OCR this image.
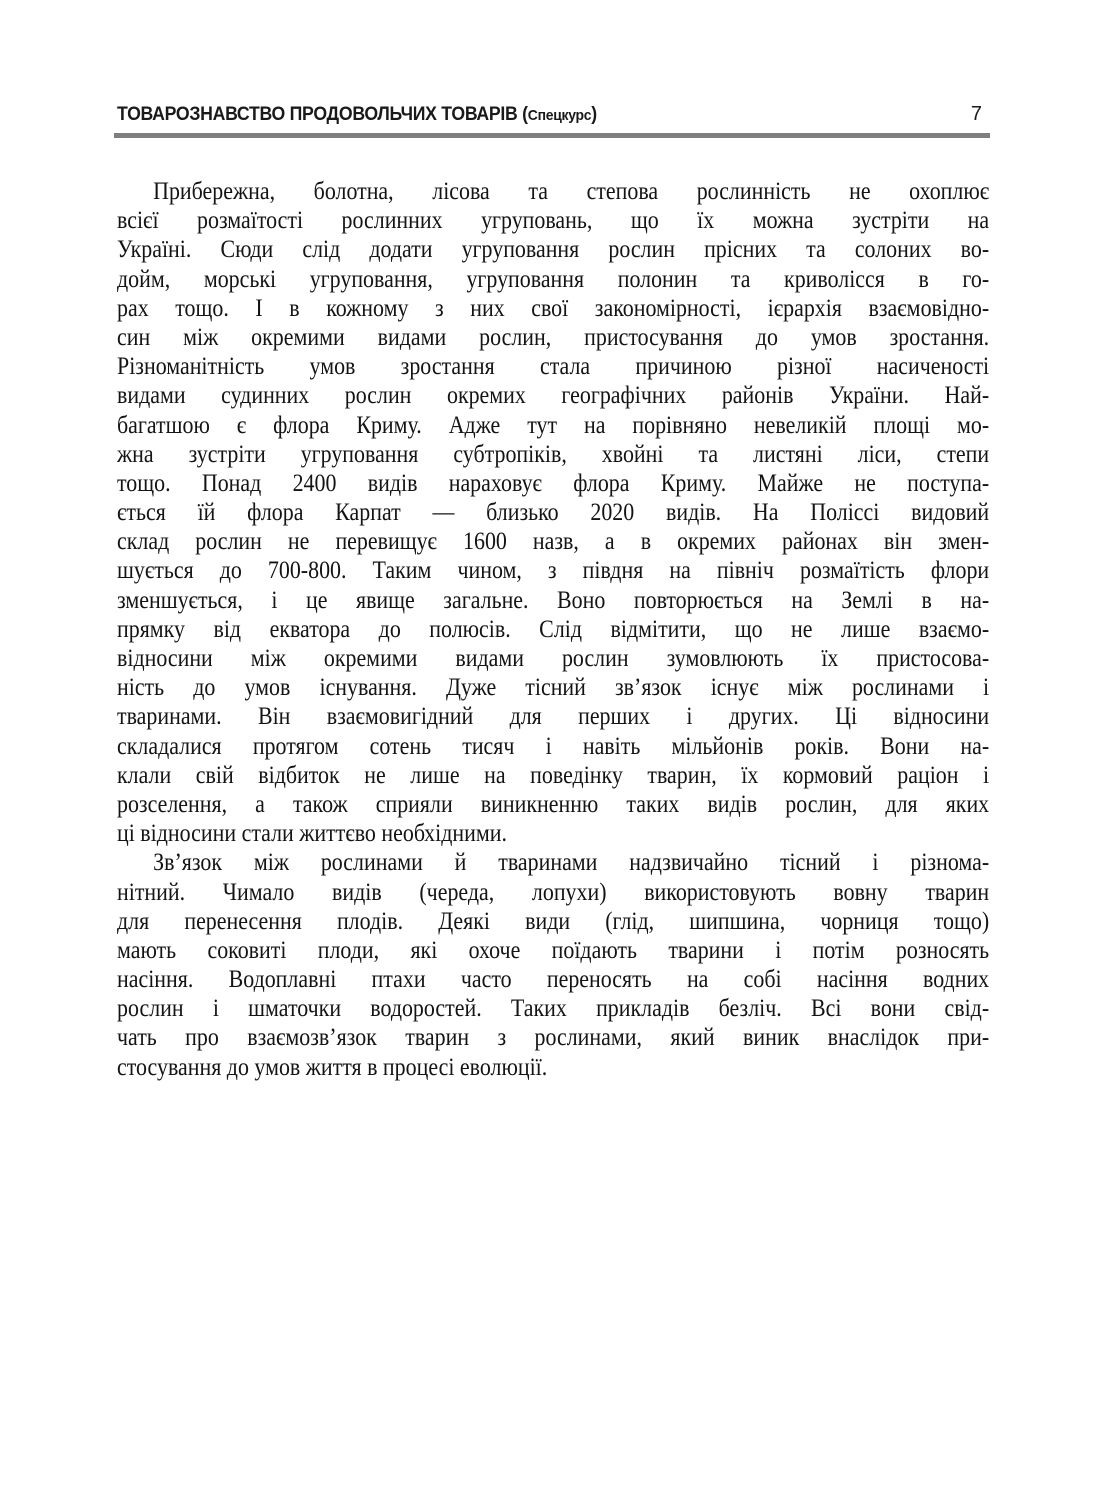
ТОВАРОЗНАВСТВО ПРОДОВОЛЬЧИХ ТОВАРІВ (Спецкурс)	7
Прибережна, болотна, лісова та степова рослинність не охоплює
всієї розмаїтості рослинних угруповань, що їх можна зустріти на
Україні. Сюди слід додати угруповання рослин прісних та солоних во-
дойм, морські угруповання, угруповання полонин та криволісся в го-
рах тощо. І в кожному з них свої закономірності, ієрархія взаємовідно-
син між окремими видами рослин, пристосування до умов зростання.
Різноманітність умов зростання стала причиною різної насиченості
видами судинних рослин окремих географічних районів України. Най-
багатшою є флора Криму. Адже тут на порівняно невеликій площі мо-
жна зустріти угруповання субтропіків, хвойні та листяні ліси, степи
тощо. Понад 2400 видів нараховує флора Криму. Майже не поступа-
ється їй флора Карпат — близько 2020 видів. На Поліссі видовий
склад рослин не перевищує 1600 назв, а в окремих районах він змен-
шується до 700-800. Таким чином, з півдня на північ розмаїтість флори
зменшується, і це явище загальне. Воно повторюється на Землі в на-
прямку від екватора до полюсів. Слід відмітити, що не лише взаємо-
відносини між окремими видами рослин зумовлюють їх пристосова-
ність до умов існування. Дуже тісний зв’язок існує між рослинами і
тваринами. Він взаємовигідний для перших і других. Ці відносини
складалися протягом сотень тисяч і навіть мільйонів років. Вони на-
клали свій відбиток не лише на поведінку тварин, їх кормовий раціон і
розселення, а також сприяли виникненню таких видів рослин, для яких
ці відносини стали життєво необхідними.
Зв’язок між рослинами й тваринами надзвичайно тісний і різнома-
нітний. Чимало видів (череда, лопухи) використовують вовну тварин
для перенесення плодів. Деякі види (глід, шипшина, чорниця тощо)
мають соковиті плоди, які охоче поїдають тварини і потім розносять
насіння. Водоплавні птахи часто переносять на собі насіння водних
рослин і шматочки водоростей. Таких прикладів безліч. Всі вони свід-
чать про взаємозв’язок тварин з рослинами, який виник внаслідок при-
стосування до умов життя в процесі еволюції.
